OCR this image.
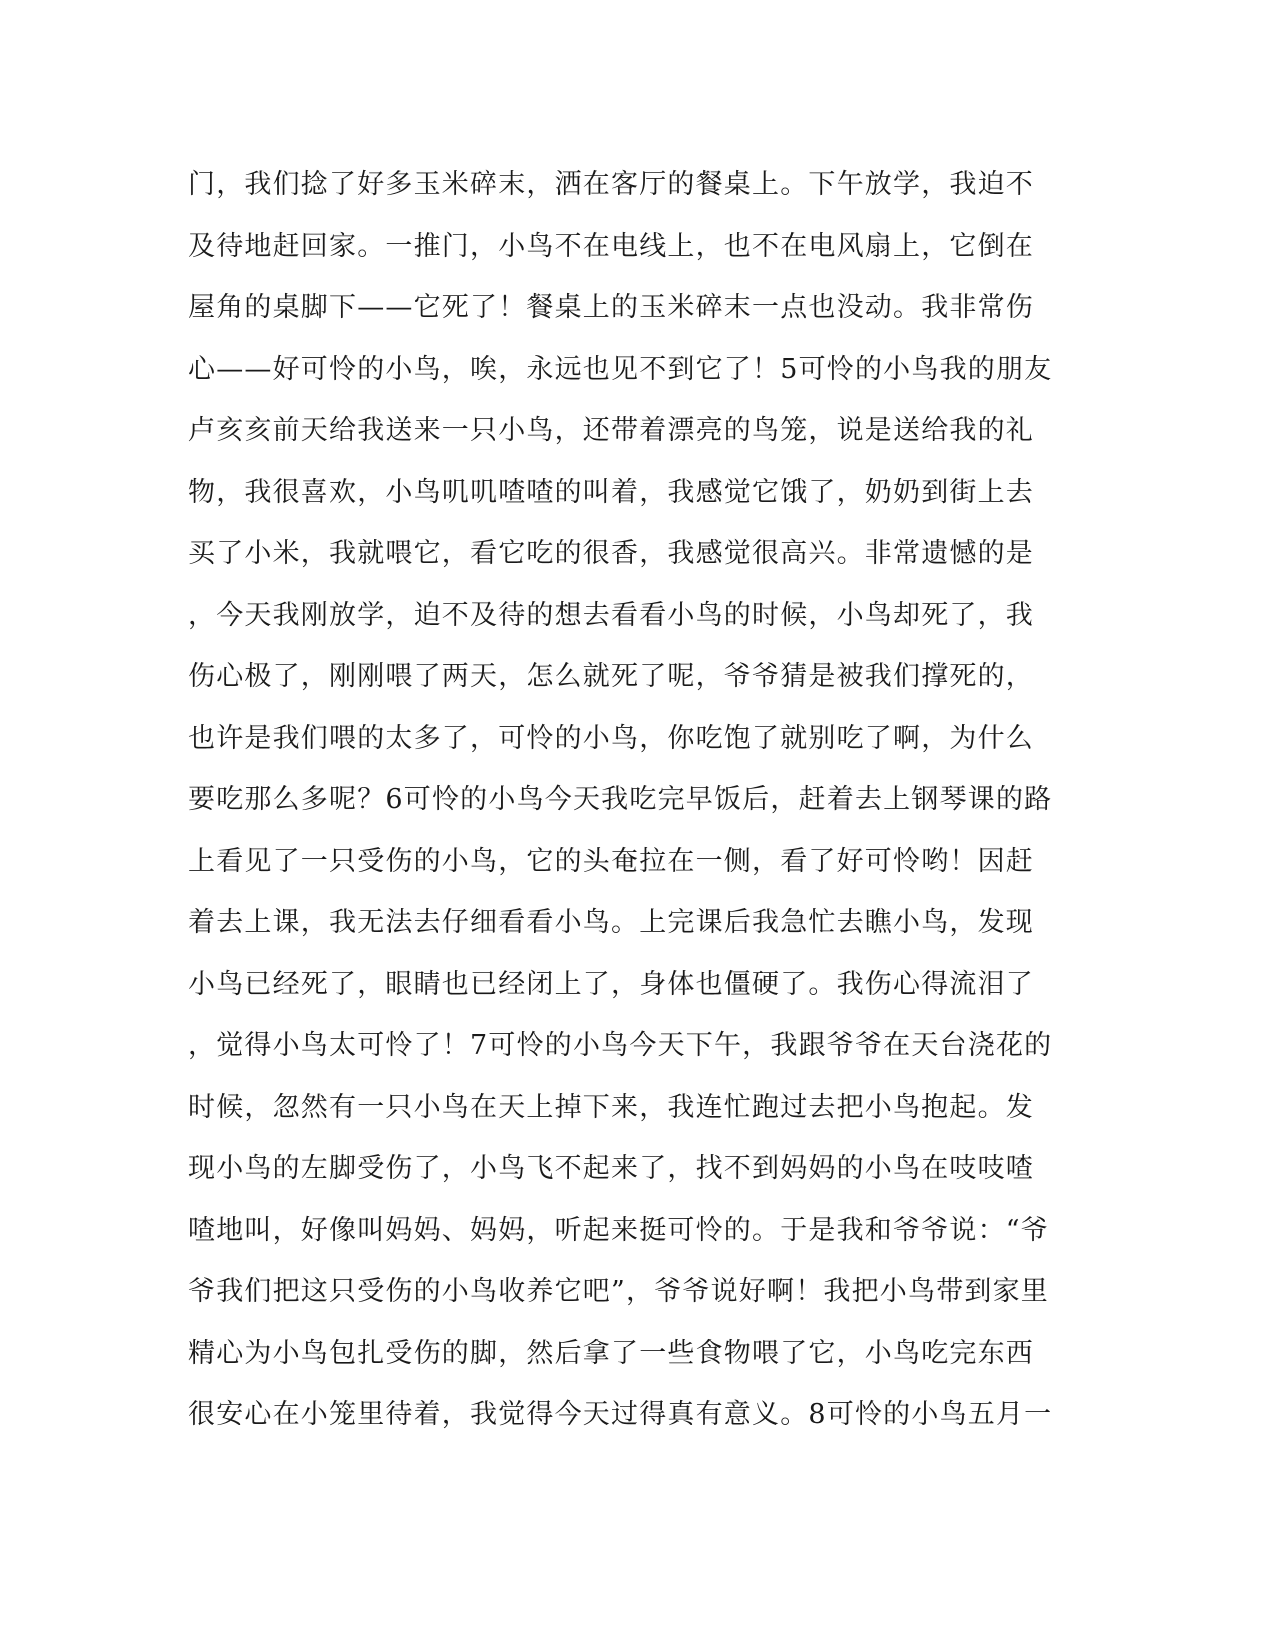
门，我们捻了好多玉米碎末，洒在客厅的餐桌上。下午放学，我迫不
及待地赶回家。一推门，小鸟不在电线上，也不在电风扇上，它倒在
屋角的桌脚下——它死了！餐桌上的玉米碎末一点也没动。我非常伤
心——好可怜的小鸟，唉，永远也见不到它了！5可怜的小鸟我的朋友
卢亥亥前天给我送来一只小鸟，还带着漂亮的鸟笼，说是送给我的礼
物，我很喜欢，小鸟叽叽喳喳的叫着，我感觉它饿了，奶奶到街上去
买了小米，我就喂它，看它吃的很香，我感觉很高兴。非常遗憾的是
，今天我刚放学，迫不及待的想去看看小鸟的时候，小鸟却死了，我
伤心极了，刚刚喂了两天，怎么就死了呢，爷爷猜是被我们撑死的，
也许是我们喂的太多了，可怜的小鸟，你吃饱了就别吃了啊，为什么
要吃那么多呢？6可怜的小鸟今天我吃完早饭后，赶着去上钢琴课的路
上看见了一只受伤的小鸟，它的头奄拉在一侧，看了好可怜哟！因赶
着去上课，我无法去仔细看看小鸟。上完课后我急忙去瞧小鸟，发现
小鸟已经死了，眼睛也已经闭上了，身体也僵硬了。我伤心得流泪了
，觉得小鸟太可怜了！7可怜的小鸟今天下午，我跟爷爷在天台浇花的
时候，忽然有一只小鸟在天上掉下来，我连忙跑过去把小鸟抱起。发
现小鸟的左脚受伤了，小鸟飞不起来了，找不到妈妈的小鸟在吱吱喳
喳地叫，好像叫妈妈、妈妈，听起来挺可怜的。于是我和爷爷说：“爷
爷我们把这只受伤的小鸟收养它吧”，爷爷说好啊！我把小鸟带到家里
精心为小鸟包扎受伤的脚，然后拿了一些食物喂了它，小鸟吃完东西
很安心在小笼里待着，我觉得今天过得真有意义。8可怜的小鸟五月一
